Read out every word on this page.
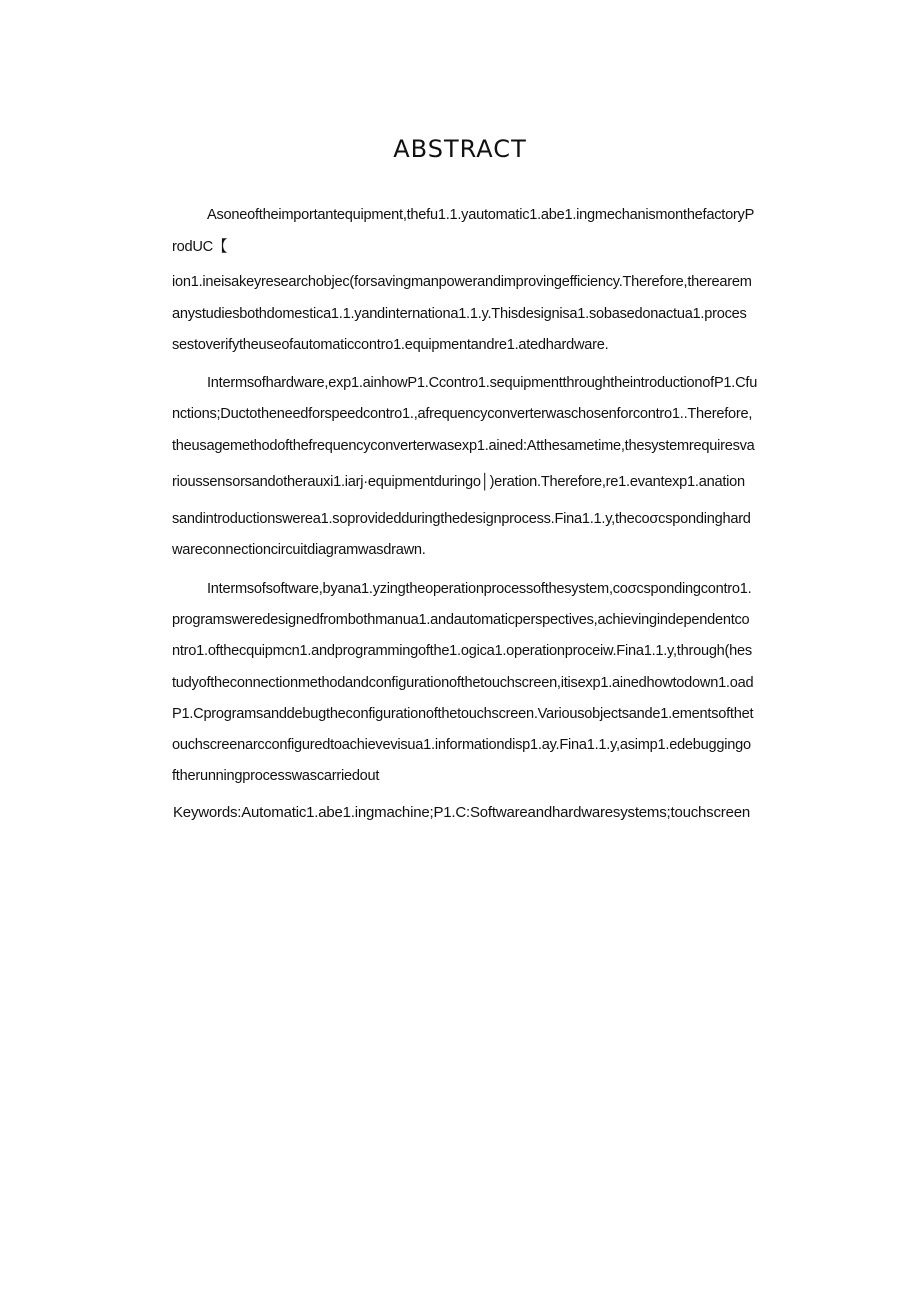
ABSTRACT
Asoneoftheimportantequipment,thefu1.1.yautomatic1.abe1.ingmechanismonthefactoryP
rodUC【
ion1.ineisakeyresearchobjec(forsavingmanpowerandimprovingefficiency.Therefore,therearem
anystudiesbothdomestica1.1.yandinternationa1.1.y.Thisdesignisa1.sobasedonactua1.proces
sestoverifytheuseofautomaticcontro1.equipmentandre1.atedhardware.
Intermsofhardware,exp1.ainhowP1.Ccontro1.sequipmentthroughtheintroductionofP1.Cfu
nctions;Ductotheneedforspeedcontro1.,afrequencyconverterwaschosenforcontro1..Therefore,
theusagemethodofthefrequencyconverterwasexp1.ained:Atthesametime,thesystemrequiresva
rioussensorsandotherauxi1.iarj·equipmentduringo│)eration.Therefore,re1.evantexp1.anation
sandintroductionswerea1.soprovidedduringthedesignprocess.Fina1.1.y,thecoσcspondinghard
wareconnectioncircuitdiagramwasdrawn.
Intermsofsoftware,byana1.yzingtheoperationprocessofthesystem,coσcspondingcontro1.
programsweredesignedfrombothmanua1.andautomaticperspectives,achievingindependentco
ntro1.ofthecquipmcn1.andprogrammingofthe1.ogica1.operationproceiw.Fina1.1.y,through(hes
tudyoftheconnectionmethodandconfigurationofthetouchscreen,itisexp1.ainedhowtodown1.oad
P1.Cprogramsanddebugtheconfigurationofthetouchscreen.Variousobjectsande1.ementsofthet
ouchscreenarcconfiguredtoachievevisua1.informationdisp1.ay.Fina1.1.y,asimp1.edebuggingo
ftherunningprocesswascarriedout
Keywords:Automatic1.abe1.ingmachine;P1.C:Softwareandhardwaresystems;touchscreen
